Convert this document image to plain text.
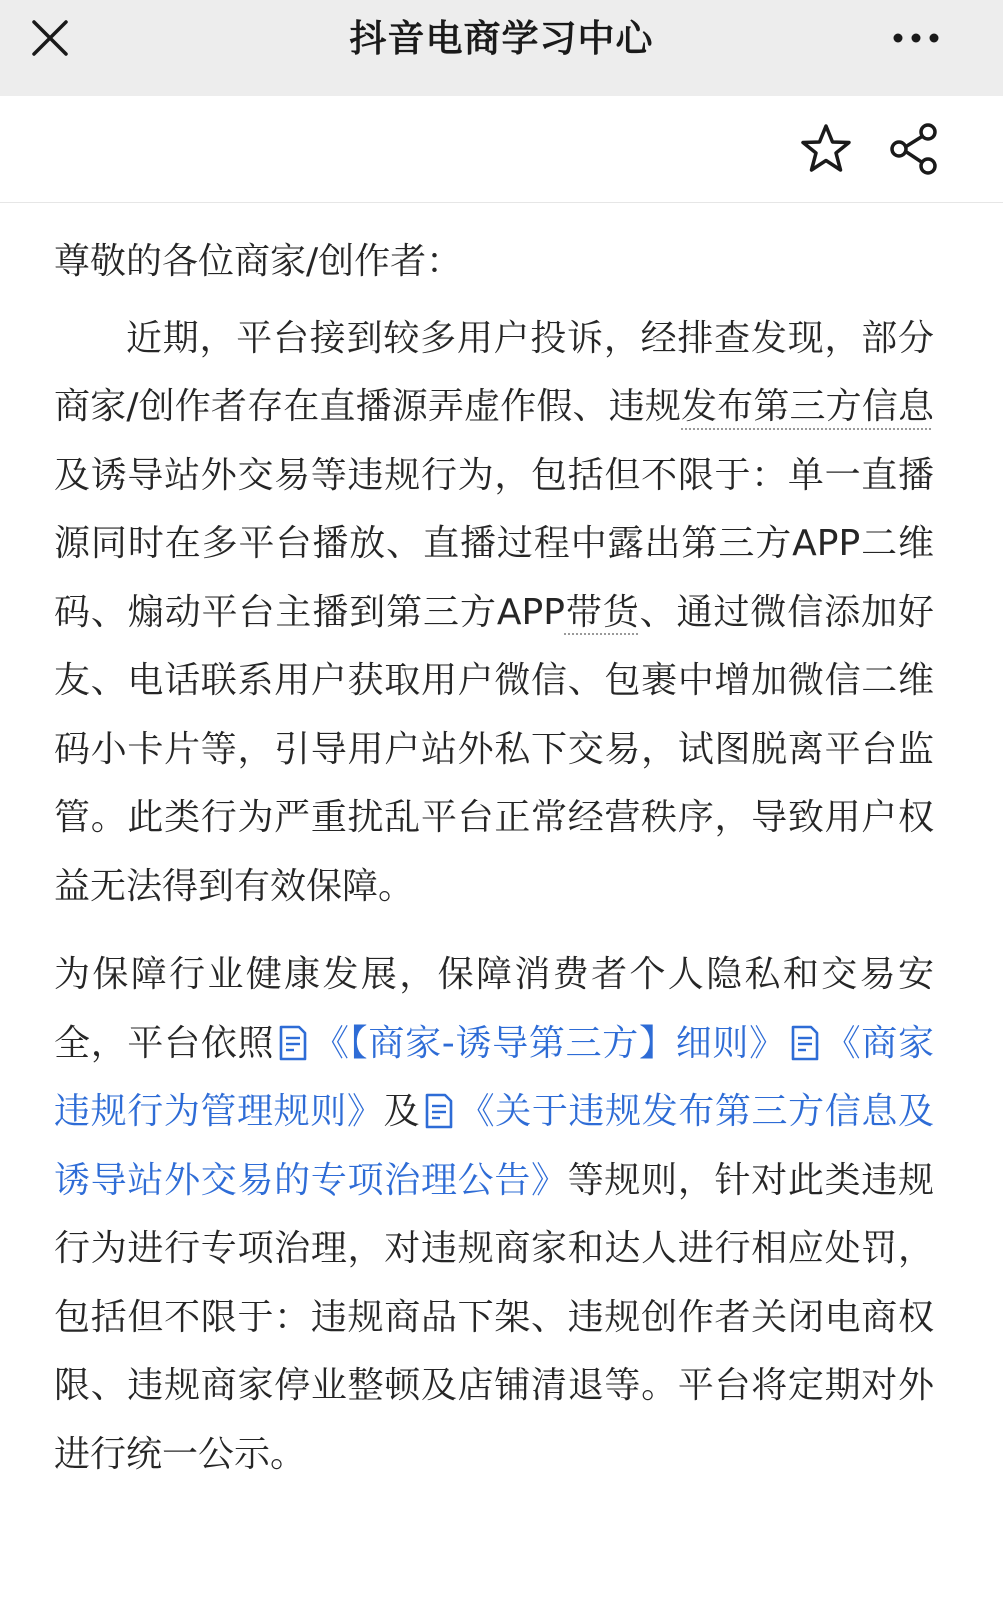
抖音电商学习中心

尊敬的各位商家/创作者：

近期，平台接到较多用户投诉，经排查发现，部分商家/创作者存在直播源弄虚作假、违规发布第三方信息及诱导站外交易等违规行为，包括但不限于：单一直播源同时在多平台播放、直播过程中露出第三方APP二维码、煽动平台主播到第三方APP带货、通过微信添加好友、电话联系用户获取用户微信、包裹中增加微信二维码小卡片等，引导用户站外私下交易，试图脱离平台监管。此类行为严重扰乱平台正常经营秩序，导致用户权益无法得到有效保障。

为保障行业健康发展，保障消费者个人隐私和交易安全，平台依照 《【商家-诱导第三方】细则》 《商家违规行为管理规则》及 《关于违规发布第三方信息及诱导站外交易的专项治理公告》等规则，针对此类违规行为进行专项治理，对违规商家和达人进行相应处罚，包括但不限于：违规商品下架、违规创作者关闭电商权限、违规商家停业整顿及店铺清退等。平台将定期对外进行统一公示。
